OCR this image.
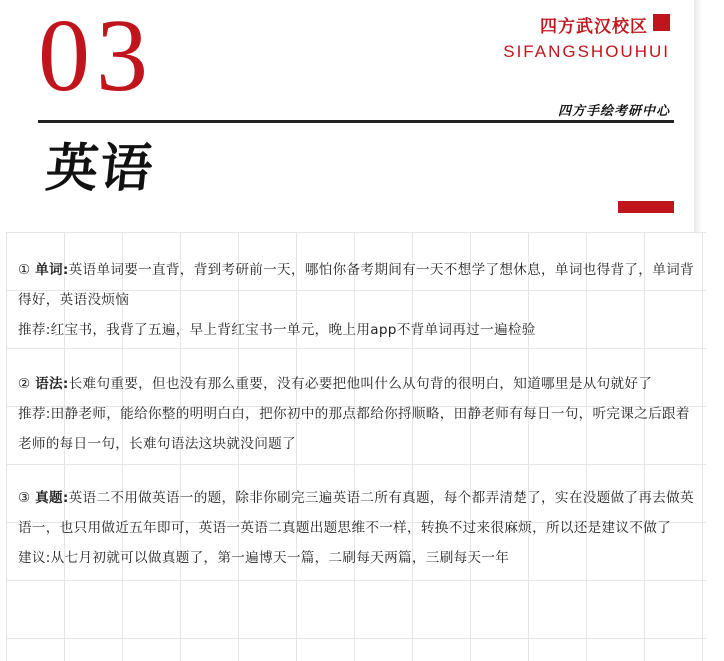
03	四方武汉校区
SIFANGSHOUHUI
四方手绘考研中心
英语

① 单词:英语单词要一直背，背到考研前一天，哪怕你备考期间有一天不想学了想休息，单词也得背了，单词背得好，英语没烦恼

推荐:红宝书，我背了五遍，早上背红宝书一单元，晚上用app不背单词再过一遍检验

② 语法:长难句重要，但也没有那么重要，没有必要把他叫什么从句背的很明白，知道哪里是从句就好了

推荐:田静老师，能给你整的明明白白，把你初中的那点都给你捋顺略，田静老师有每日一句，听完课之后跟着老师的每日一句，长难句语法这块就没问题了

③ 真题:英语二不用做英语一的题，除非你刷完三遍英语二所有真题，每个都弄清楚了，实在没题做了再去做英语一，也只用做近五年即可，英语一英语二真题出题思维不一样，转换不过来很麻烦，所以还是建议不做了

建议:从七月初就可以做真题了，第一遍博天一篇，二刷每天两篇，三刷每天一年
